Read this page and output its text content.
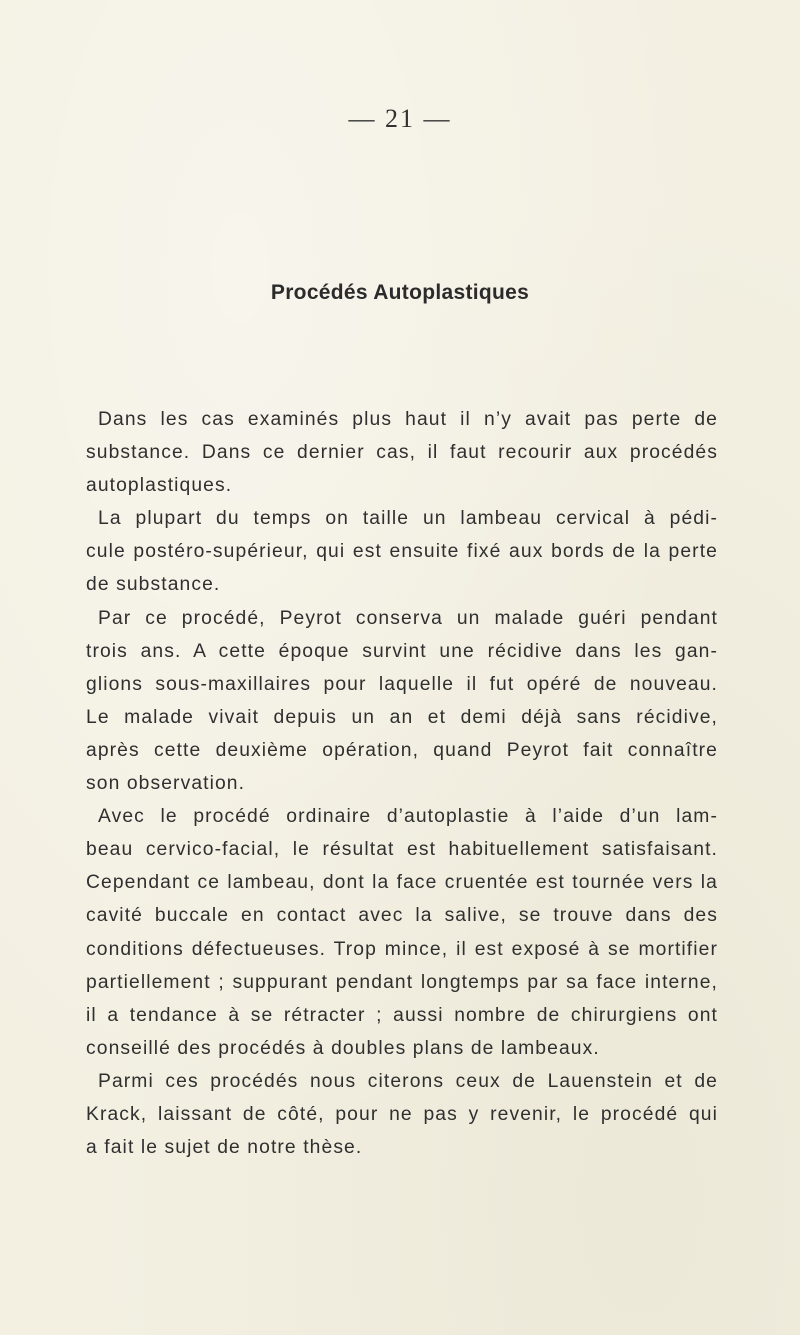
— 21 —
Procédés Autoplastiques
Dans les cas examinés plus haut il n’y avait pas perte de
substance. Dans ce dernier cas, il faut recourir aux procédés
autoplastiques.
La plupart du temps on taille un lambeau cervical à pédi-
cule postéro-supérieur, qui est ensuite fixé aux bords de la perte
de substance.
Par ce procédé, Peyrot conserva un malade guéri pendant
trois ans. A cette époque survint une récidive dans les gan-
glions sous-maxillaires pour laquelle il fut opéré de nouveau.
Le malade vivait depuis un an et demi déjà sans récidive,
après cette deuxième opération, quand Peyrot fait connaître
son observation.
Avec le procédé ordinaire d’autoplastie à l’aide d’un lam-
beau cervico-facial, le résultat est habituellement satisfaisant.
Cependant ce lambeau, dont la face cruentée est tournée vers la
cavité buccale en contact avec la salive, se trouve dans des
conditions défectueuses. Trop mince, il est exposé à se mortifier
partiellement ; suppurant pendant longtemps par sa face interne,
il a tendance à se rétracter ; aussi nombre de chirurgiens ont
conseillé des procédés à doubles plans de lambeaux.
Parmi ces procédés nous citerons ceux de Lauenstein et de
Krack, laissant de côté, pour ne pas y revenir, le procédé qui
a fait le sujet de notre thèse.
